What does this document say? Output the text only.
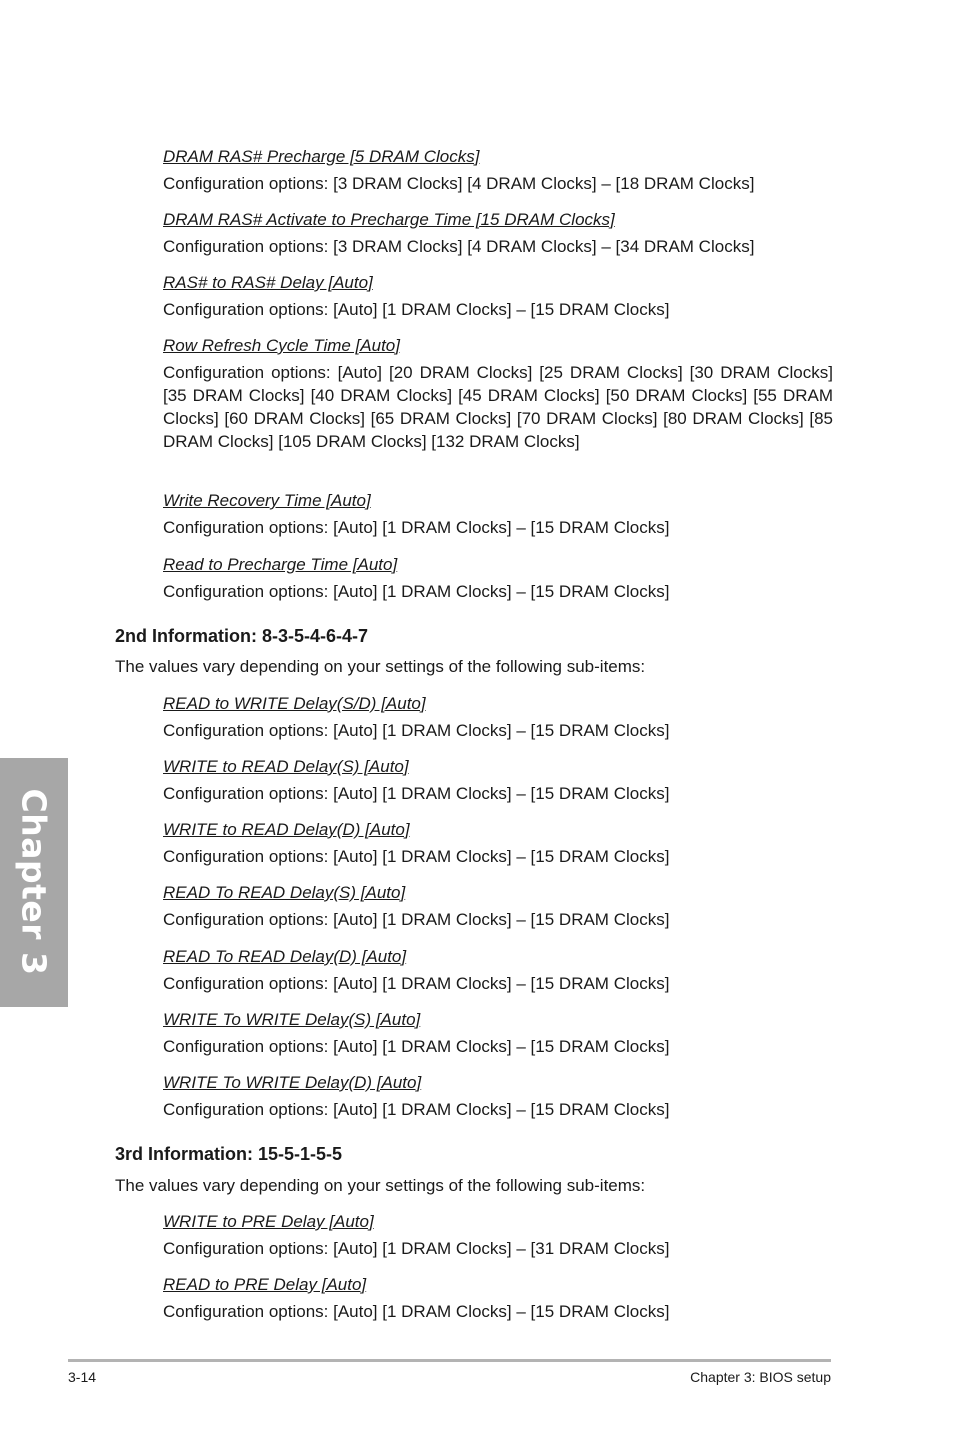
Chapter 3
DRAM RAS# Precharge [5 DRAM Clocks]
Configuration options: [3 DRAM Clocks] [4 DRAM Clocks] – [18 DRAM Clocks]
DRAM RAS# Activate to Precharge Time [15 DRAM Clocks]
Configuration options: [3 DRAM Clocks] [4 DRAM Clocks] – [34 DRAM Clocks]
RAS# to RAS# Delay [Auto]
Configuration options: [Auto] [1 DRAM Clocks] – [15 DRAM Clocks]
Row Refresh Cycle Time [Auto]
Configuration options: [Auto] [20 DRAM Clocks] [25 DRAM Clocks] [30 DRAM Clocks] [35 DRAM Clocks] [40 DRAM Clocks] [45 DRAM Clocks] [50 DRAM Clocks] [55 DRAM Clocks] [60 DRAM Clocks] [65 DRAM Clocks] [70 DRAM Clocks] [80 DRAM Clocks] [85 DRAM Clocks] [105 DRAM Clocks] [132 DRAM Clocks]
Write Recovery Time [Auto]
Configuration options: [Auto] [1 DRAM Clocks] – [15 DRAM Clocks]
Read to Precharge Time [Auto]
Configuration options: [Auto] [1 DRAM Clocks] – [15 DRAM Clocks]
2nd Information: 8-3-5-4-6-4-7
The values vary depending on your settings of the following sub-items:
READ to WRITE Delay(S/D) [Auto]
Configuration options: [Auto] [1 DRAM Clocks] – [15 DRAM Clocks]
WRITE to READ Delay(S) [Auto]
Configuration options: [Auto] [1 DRAM Clocks] – [15 DRAM Clocks]
WRITE to READ Delay(D) [Auto]
Configuration options: [Auto] [1 DRAM Clocks] – [15 DRAM Clocks]
READ To READ Delay(S) [Auto]
Configuration options: [Auto] [1 DRAM Clocks] – [15 DRAM Clocks]
READ To READ Delay(D) [Auto]
Configuration options: [Auto] [1 DRAM Clocks] – [15 DRAM Clocks]
WRITE To WRITE Delay(S) [Auto]
Configuration options: [Auto] [1 DRAM Clocks] – [15 DRAM Clocks]
WRITE To WRITE Delay(D) [Auto]
Configuration options: [Auto] [1 DRAM Clocks] – [15 DRAM Clocks]
3rd Information: 15-5-1-5-5
The values vary depending on your settings of the following sub-items:
WRITE to PRE Delay [Auto]
Configuration options: [Auto] [1 DRAM Clocks] – [31 DRAM Clocks]
READ to PRE Delay [Auto]
Configuration options: [Auto] [1 DRAM Clocks] – [15 DRAM Clocks]
3-14	Chapter 3: BIOS setup
